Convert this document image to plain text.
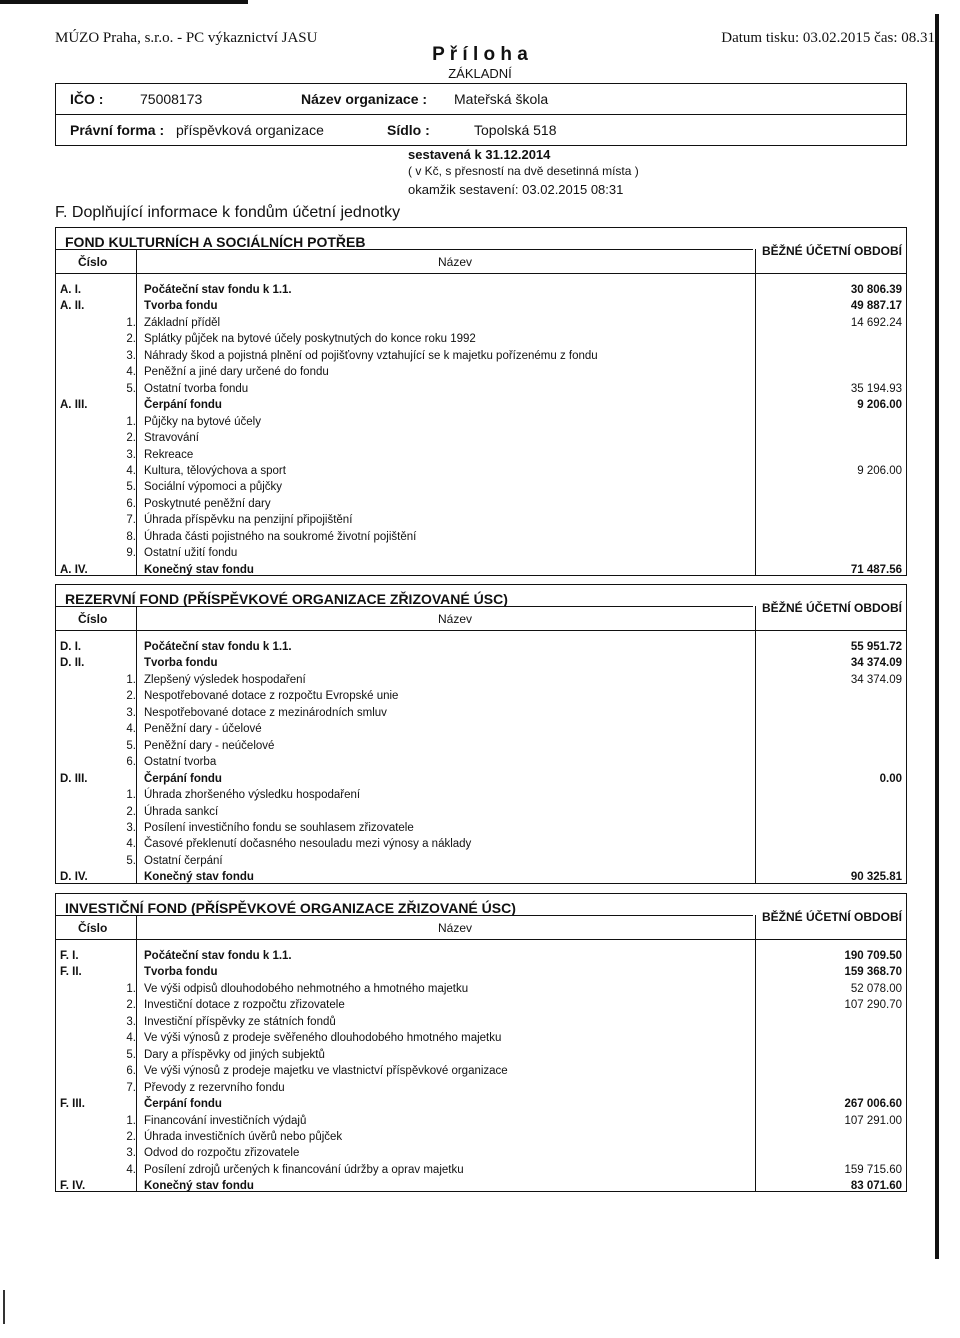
MÚZO Praha, s.r.o. - PC výkaznictví JASU	Datum tisku: 03.02.2015 čas: 08.31
P ř í l o h a
ZÁKLADNÍ
IČO :	75008173	Název organizace : Mateřská škola
Právní forma : příspěvková organizace	Sídlo :	Topolská 518
sestavená k 31.12.2014
( v Kč, s přesností na dvě desetinná místa )
okamžik sestavení: 03.02.2015 08:31
F. Doplňující informace k fondům účetní jednotky
FOND KULTURNÍCH A SOCIÁLNÍCH POTŘEB
BĚŽNÉ ÚČETNÍ OBDOBÍ
Číslo	Název
A. I.	Počáteční stav fondu k 1.1.	30 806.39
A. II.	Tvorba fondu	49 887.17
1. Základní příděl	14 692.24
2. Splátky půjček na bytové účely poskytnutých do konce roku 1992
3. Náhrady škod a pojistná plnění od pojišťovny vztahující se k majetku pořízenému z fondu
4. Peněžní a jiné dary určené do fondu
5. Ostatní tvorba fondu	35 194.93
A. III.	Čerpání fondu	9 206.00
1. Půjčky na bytové účely
2. Stravování
3. Rekreace
4. Kultura, tělovýchova a sport	9 206.00
5. Sociální výpomoci a půjčky
6. Poskytnuté peněžní dary
7. Úhrada příspěvku na penzijní připojištění
8. Úhrada části pojistného na soukromé životní pojištění
9. Ostatní užití fondu
A. IV.	Konečný stav fondu	71 487.56
REZERVNÍ FOND (PŘÍSPĚVKOVÉ ORGANIZACE ZŘIZOVANÉ ÚSC)
BĚŽNÉ ÚČETNÍ OBDOBÍ
Číslo	Název
D. I.	Počáteční stav fondu k 1.1.	55 951.72
D. II.	Tvorba fondu	34 374.09
1. Zlepšený výsledek hospodaření	34 374.09
2. Nespotřebované dotace z rozpočtu Evropské unie
3. Nespotřebované dotace z mezinárodních smluv
4. Peněžní dary - účelové
5. Peněžní dary - neúčelové
6. Ostatní tvorba
D. III.	Čerpání fondu	0.00
1. Úhrada zhoršeného výsledku hospodaření
2. Úhrada sankcí
3. Posílení investičního fondu se souhlasem zřizovatele
4. Časové překlenutí dočasného nesouladu mezi výnosy a náklady
5. Ostatní čerpání
D. IV.	Konečný stav fondu	90 325.81
INVESTIČNÍ FOND (PŘÍSPĚVKOVÉ ORGANIZACE ZŘIZOVANÉ ÚSC)
BĚŽNÉ ÚČETNÍ OBDOBÍ
Číslo	Název
F. I.	Počáteční stav fondu k 1.1.	190 709.50
F. II.	Tvorba fondu	159 368.70
1. Ve výši odpisů dlouhodobého nehmotného a hmotného majetku	52 078.00
2. Investiční dotace z rozpočtu zřizovatele	107 290.70
3. Investiční příspěvky ze státních fondů
4. Ve výši výnosů z prodeje svěřeného dlouhodobého hmotného majetku
5. Dary a příspěvky od jiných subjektů
6. Ve výši výnosů z prodeje majetku ve vlastnictví příspěvkové organizace
7. Převody z rezervního fondu
F. III.	Čerpání fondu	267 006.60
1. Financování investičních výdajů	107 291.00
2. Úhrada investičních úvěrů nebo půjček
3. Odvod do rozpočtu zřizovatele
4. Posílení zdrojů určených k financování údržby a oprav majetku	159 715.60
F. IV.	Konečný stav fondu	83 071.60
